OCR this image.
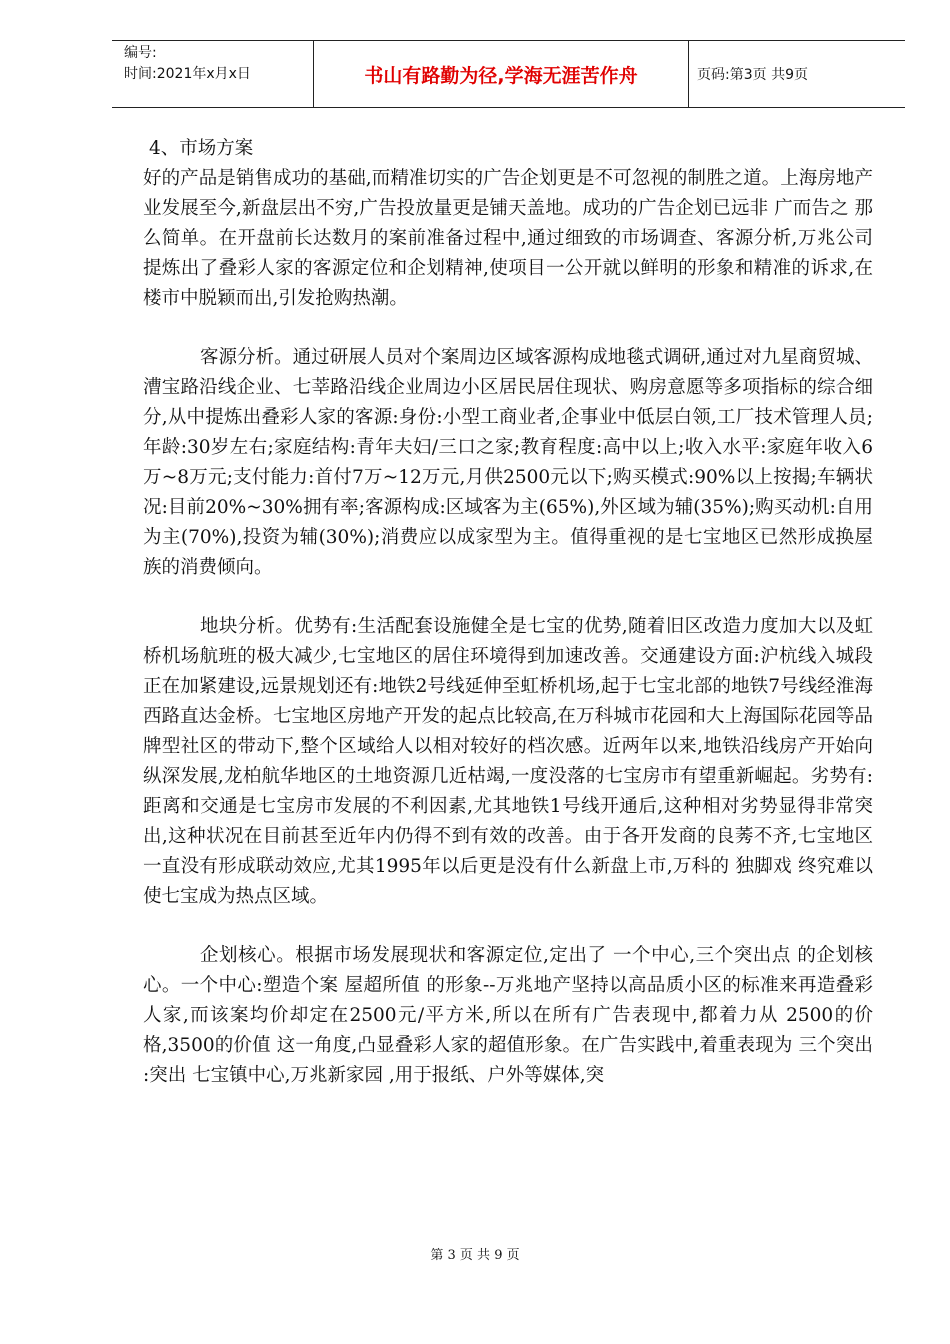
编号:
时间:2021年x月x日	书山有路勤为径,学海无涯苦作舟	页码:第3页 共9页
4、市场方案

好的产品是销售成功的基础,而精准切实的广告企划更是不可忽视的制胜之道。上海房地产业发展至今,新盘层出不穷,广告投放量更是铺天盖地。成功的广告企划已远非 广而告之 那么简单。在开盘前长达数月的案前准备过程中,通过细致的市场调查、客源分析,万兆公司提炼出了叠彩人家的客源定位和企划精神,使项目一公开就以鲜明的形象和精准的诉求,在楼市中脱颖而出,引发抢购热潮。

客源分析。通过研展人员对个案周边区域客源构成地毯式调研,通过对九星商贸城、漕宝路沿线企业、七莘路沿线企业周边小区居民居住现状、购房意愿等多项指标的综合细分,从中提炼出叠彩人家的客源:身份:小型工商业者,企事业中低层白领,工厂技术管理人员;年龄:30岁左右;家庭结构:青年夫妇/三口之家;教育程度:高中以上;收入水平:家庭年收入6万~8万元;支付能力:首付7万~12万元,月供2500元以下;购买模式:90%以上按揭;车辆状况:目前20%~30%拥有率;客源构成:区域客为主(65%),外区域为辅(35%);购买动机:自用为主(70%),投资为辅(30%);消费应以成家型为主。值得重视的是七宝地区已然形成换屋族的消费倾向。

地块分析。优势有:生活配套设施健全是七宝的优势,随着旧区改造力度加大以及虹桥机场航班的极大减少,七宝地区的居住环境得到加速改善。交通建设方面:沪杭线入城段正在加紧建设,远景规划还有:地铁2号线延伸至虹桥机场,起于七宝北部的地铁7号线经淮海西路直达金桥。七宝地区房地产开发的起点比较高,在万科城市花园和大上海国际花园等品牌型社区的带动下,整个区域给人以相对较好的档次感。近两年以来,地铁沿线房产开始向纵深发展,龙柏航华地区的土地资源几近枯竭,一度没落的七宝房市有望重新崛起。劣势有:距离和交通是七宝房市发展的不利因素,尤其地铁1号线开通后,这种相对劣势显得非常突出,这种状况在目前甚至近年内仍得不到有效的改善。由于各开发商的良莠不齐,七宝地区一直没有形成联动效应,尤其1995年以后更是没有什么新盘上市,万科的 独脚戏 终究难以使七宝成为热点区域。

企划核心。根据市场发展现状和客源定位,定出了 一个中心,三个突出点 的企划核心。一个中心:塑造个案 屋超所值 的形象--万兆地产坚持以高品质小区的标准来再造叠彩人家,而该案均价却定在2500元/平方米,所以在所有广告表现中,都着力从 2500的价格,3500的价值 这一角度,凸显叠彩人家的超值形象。在广告实践中,着重表现为 三个突出 :突出 七宝镇中心,万兆新家园 ,用于报纸、户外等媒体,突

第 3 页 共 9 页
